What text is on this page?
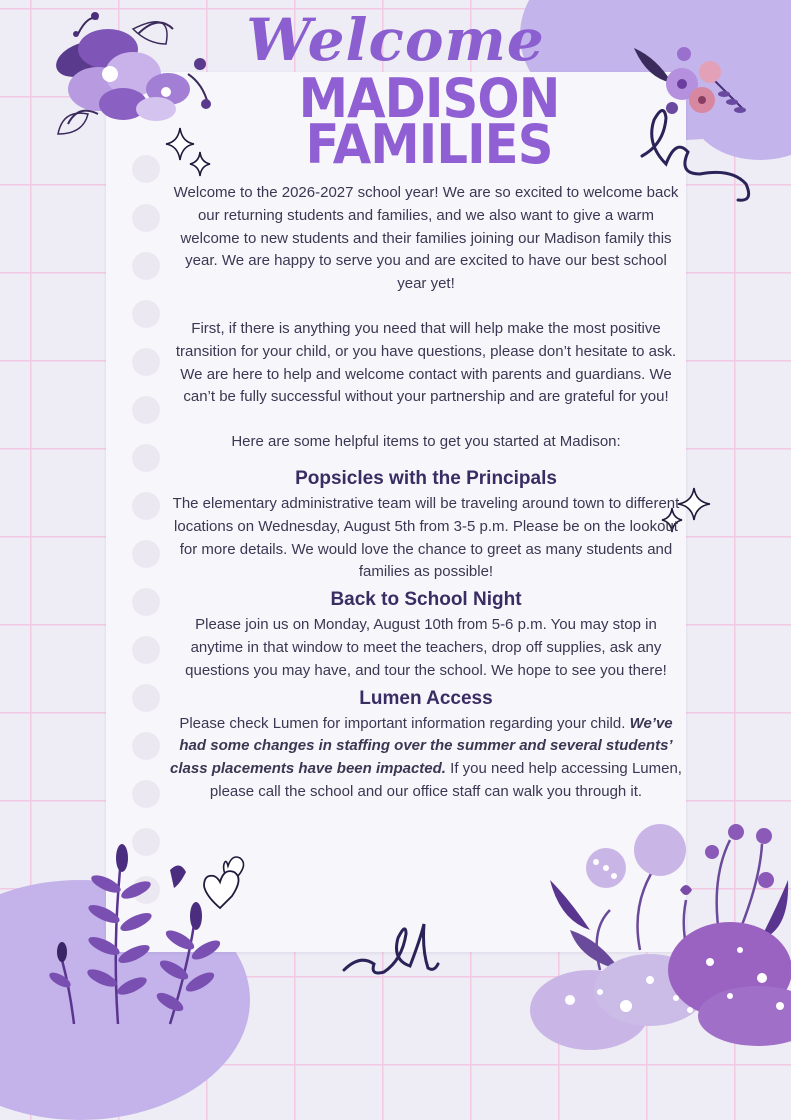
Welcome
MADISON
FAMILIES

Welcome to the 2026-2027 school year! We are so excited to welcome back our returning students and families, and we also want to give a warm welcome to new students and their families joining our Madison family this year. We are happy to serve you and are excited to have our best school year yet!

First, if there is anything you need that will help make the most positive transition for your child, or you have questions, please don’t hesitate to ask. We are here to help and welcome contact with parents and guardians. We can’t be fully successful without your partnership and are grateful for you!

Here are some helpful items to get you started at Madison:

Popsicles with the Principals

The elementary administrative team will be traveling around town to different locations on Wednesday, August 5th from 3-5 p.m. Please be on the lookout for more details. We would love the chance to greet as many students and families as possible!

Back to School Night

Please join us on Monday, August 10th from 5-6 p.m. You may stop in anytime in that window to meet the teachers, drop off supplies, ask any questions you may have, and tour the school. We hope to see you there!

Lumen Access

Please check Lumen for important information regarding your child. We’ve had some changes in staffing over the summer and several students’ class placements have been impacted. If you need help accessing Lumen, please call the school and our office staff can walk you through it.
